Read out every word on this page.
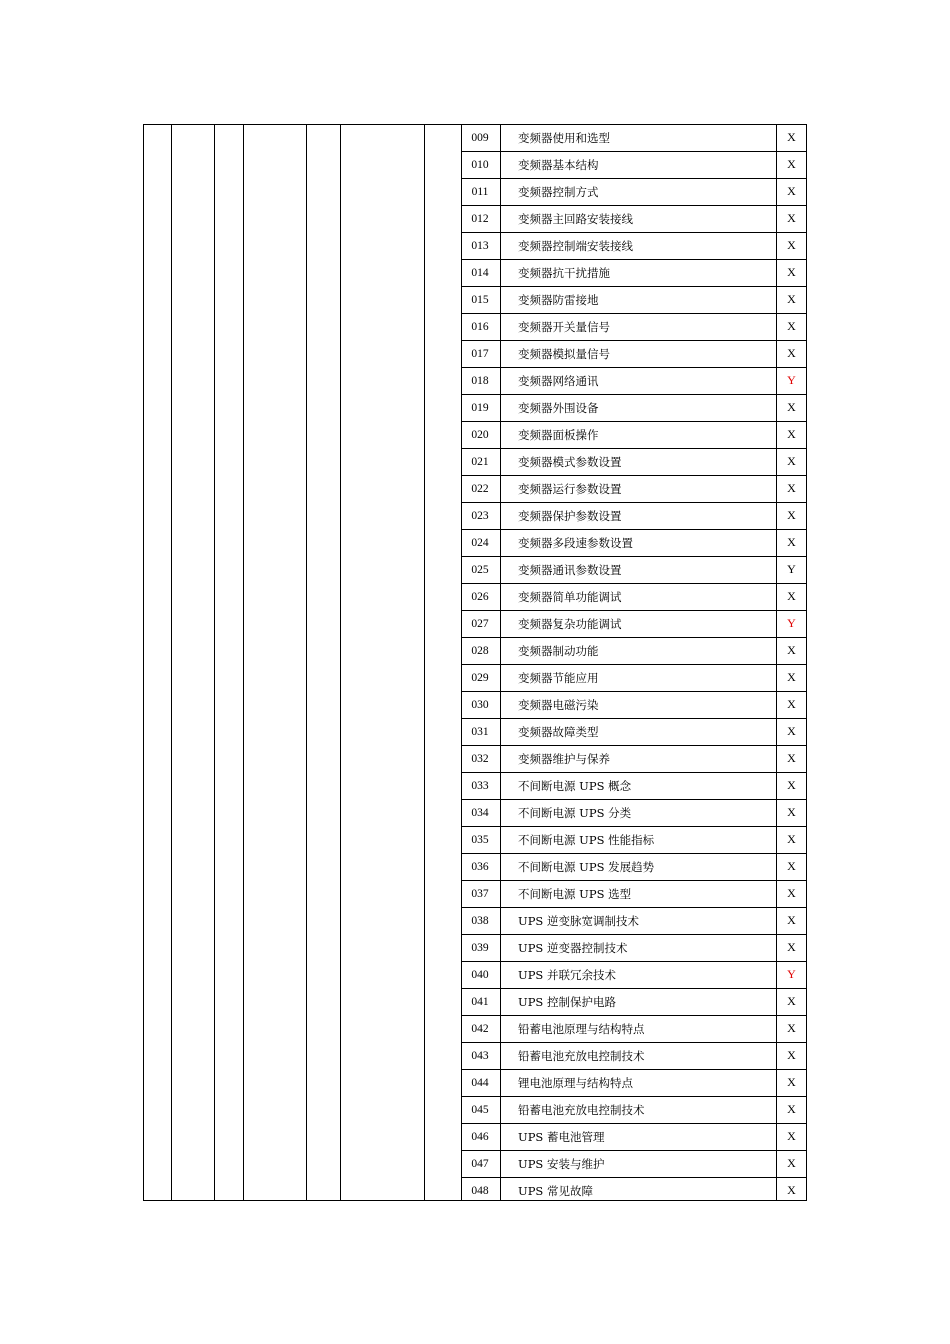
009	变频器使用和选型	X
010	变频器基本结构	X
011	变频器控制方式	X
012	变频器主回路安装接线	X
013	变频器控制端安装接线	X
014	变频器抗干扰措施	X
015	变频器防雷接地	X
016	变频器开关量信号	X
017	变频器模拟量信号	X
018	变频器网络通讯	Y
019	变频器外围设备	X
020	变频器面板操作	X
021	变频器模式参数设置	X
022	变频器运行参数设置	X
023	变频器保护参数设置	X
024	变频器多段速参数设置	X
025	变频器通讯参数设置	Y
026	变频器简单功能调试	X
027	变频器复杂功能调试	Y
028	变频器制动功能	X
029	变频器节能应用	X
030	变频器电磁污染	X
031	变频器故障类型	X
032	变频器维护与保养	X
033	不间断电源 UPS 概念	X
034	不间断电源 UPS 分类	X
035	不间断电源 UPS 性能指标	X
036	不间断电源 UPS 发展趋势	X
037	不间断电源 UPS 选型	X
038	UPS 逆变脉宽调制技术	X
039	UPS 逆变器控制技术	X
040	UPS 并联冗余技术	Y
041	UPS 控制保护电路	X
042	铅蓄电池原理与结构特点	X
043	铅蓄电池充放电控制技术	X
044	锂电池原理与结构特点	X
045	铅蓄电池充放电控制技术	X
046	UPS 蓄电池管理	X
047	UPS 安装与维护	X
048	UPS 常见故障	X
